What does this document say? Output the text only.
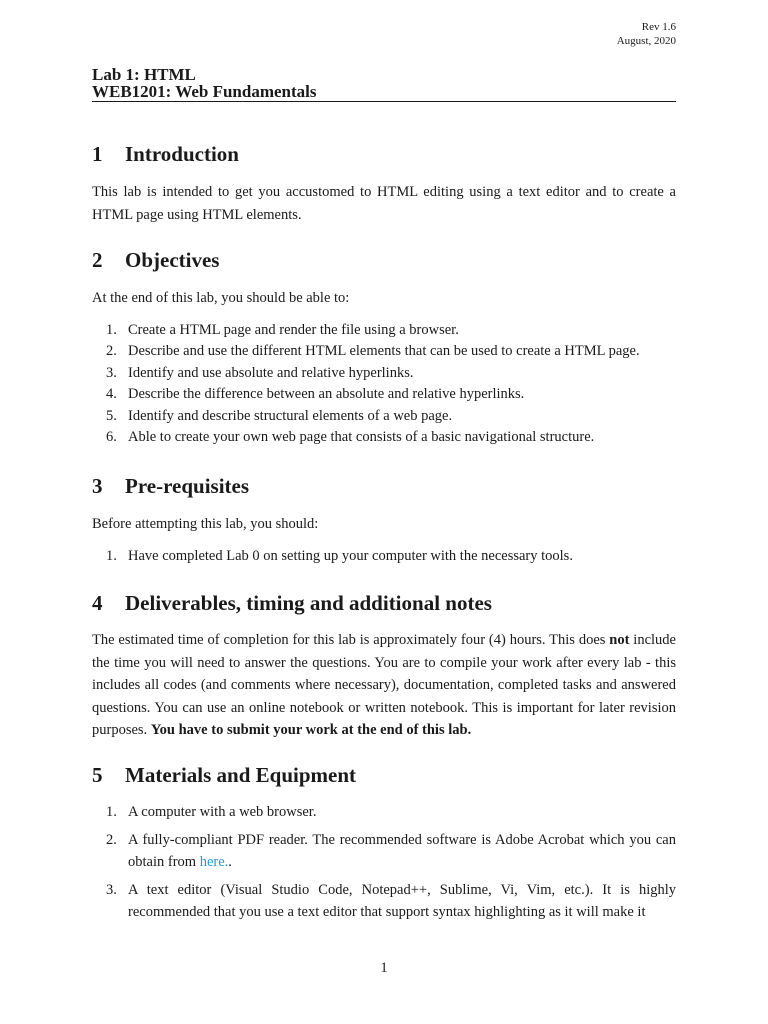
Rev 1.6
August, 2020
Lab 1: HTML
WEB1201: Web Fundamentals
1 Introduction

This lab is intended to get you accustomed to HTML editing using a text editor and to create a HTML page using HTML elements.

2 Objectives

At the end of this lab, you should be able to:

1. Create a HTML page and render the file using a browser.
2. Describe and use the different HTML elements that can be used to create a HTML page.
3. Identify and use absolute and relative hyperlinks.
4. Describe the difference between an absolute and relative hyperlinks.
5. Identify and describe structural elements of a web page.
6. Able to create your own web page that consists of a basic navigational structure.
3 Pre-requisites

Before attempting this lab, you should:

1. Have completed Lab 0 on setting up your computer with the necessary tools.
4 Deliverables, timing and additional notes

The estimated time of completion for this lab is approximately four (4) hours. This does not include the time you will need to answer the questions. You are to compile your work after every lab - this includes all codes (and comments where necessary), documentation, completed tasks and answered questions. You can use an online notebook or written notebook. This is important for later revision purposes. You have to submit your work at the end of this lab.

5 Materials and Equipment
1. A computer with a web browser.
2. A fully-compliant PDF reader. The recommended software is Adobe Acrobat which you can obtain from here..
3. A text editor (Visual Studio Code, Notepad++, Sublime, Vi, Vim, etc.). It is highly recommended that you use a text editor that support syntax highlighting as it will make it
1
